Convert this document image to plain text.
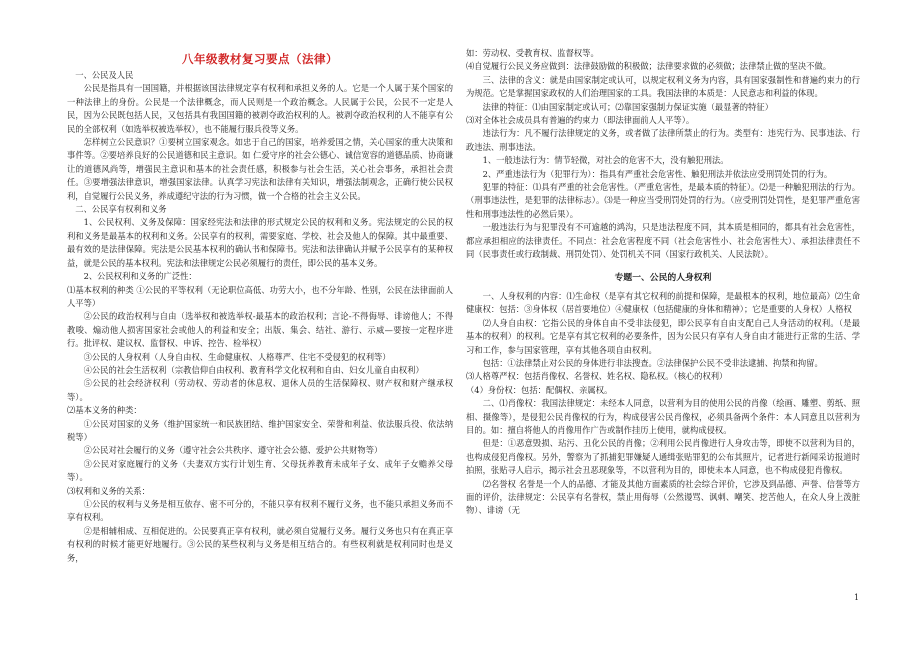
八年级教材复习要点（法律）

一、公民及人民

公民是指具有一国国籍，并根据该国法律规定享有权利和承担义务的人。它是一个人属于某个国家的一种法律上的身份。公民是一个法律概念，而人民则是一个政治概念。人民属于公民，公民不一定是人民，因为公民既包括人民，又包括具有我国国籍的被剥夺政治权利的人。被剥夺政治权利的人不能享有公民的全部权利（如选举权被选举权），也不能履行服兵役等义务。

怎样树立公民意识？①要树立国家观念。如忠于自己的国家，培养爱国之情，关心国家的重大决策和事件等。②要培养良好的公民道德和民主意识。如 仁爱守序的社会公德心、诚信宽容的道德品质、协商谦让的道德风尚等，增强民主意识和基本的社会责任感，积极参与社会生活，关心社会事务，承担社会责任。③要增强法律意识，增强国家法律。认真学习宪法和法律有关知识，增强法制观念，正确行使公民权利，自觉履行公民义务，养成遵纪守法的行为习惯，做一个合格的社会主义公民。

二、公民享有权利和义务

1、公民权利、义务及保障：国家经宪法和法律的形式规定公民的权利和义务。宪法规定的公民的权利和义务是最基本的权利和义务。公民享有的权利，需要家庭、学校、社会及他人的保障。其中最重要、最有效的是法律保障。宪法是公民基本权利的确认书和保障书。宪法和法律确认并赋予公民享有的某种权益，就是公民的基本权利。宪法和法律规定公民必须履行的责任，即公民的基本义务。

2、公民权利和义务的广泛性：

⑴基本权利的种类 ①公民的平等权利（无论职位高低、功劳大小，也不分年龄、性别，公民在法律面前人人平等）

②公民的政治权利与自由（选举权和被选举权-最基本的政治权利；言论-不得侮辱、诽谤他人；不得教唆、煽动他人损害国家社会或他人的利益和安全；出版、集会、结社、游行、示威—要按一定程序进行。批评权、建议权、监督权、申诉、控告、检举权）

③公民的人身权利（人身自由权、生命健康权、人格尊严、住宅不受侵犯的权利等）

④公民的社会生活权利（宗教信仰自由权利、教育科学文化权利和自由、妇女儿童自由权利）

⑤公民的社会经济权利（劳动权、劳动者的休息权、退休人员的生活保障权、财产权和财产继承权等）。

⑵基本义务的种类：

①公民对国家的义务（维护国家统一和民族团结、维护国家安全、荣誉和利益、依法服兵役、依法纳税等）

②公民对社会履行的义务（遵守社会公共秩序、遵守社会公德、爱护公共财物等）

③公民对家庭履行的义务（夫妻双方实行计划生育、父母抚养教育未成年子女、成年子女赡养父母等）。

⑶权利和义务的关系：

①公民的权利与义务是相互依存、密不可分的，不能只享有权利不履行义务，也不能只承担义务而不享有权利。

②是相辅相成、互相促进的。公民要真正享有权利，就必须自觉履行义务。履行义务也只有在真正享有权利的时候才能更好地履行。③公民的某些权利与义务是相互结合的。有些权利就是权利同时也是义务，

如：劳动权、受教育权、监督权等。

⑷自觉履行公民义务应做到：法律鼓励做的积极做；法律要求做的必须做；法律禁止做的坚决不做。

三、法律的含义：就是由国家制定或认可，以规定权利义务为内容，具有国家强制性和普遍约束力的行为规范。它是掌握国家政权的人们治理国家的工具。我国法律的本质是：人民意志和利益的体现。

法律的特征：⑴由国家制定或认可；⑵靠国家强制力保证实施（最显著的特征）

⑶对全体社会成员具有普遍的约束力（即法律面前人人平等）。

违法行为：凡不履行法律规定的义务，或者做了法律所禁止的行为。类型有：违宪行为、民事违法、行政违法、刑事违法。

1、一般违法行为：情节轻微，对社会的危害不大，没有触犯刑法。

2、严重违法行为（犯罪行为）：指具有严重社会危害性、触犯刑法并依法应受刑罚处罚的行为。

犯罪的特征：⑴具有严重的社会危害性。（严重危害性，是最本质的特征）。⑵是一种触犯刑法的行为。（刑事违法性，是犯罪的法律标志）。⑶是一种应当受刑罚处罚的行为。（应受刑罚处罚性，是犯罪严重危害性和刑事违法性的必然后果）。

一般违法行为与犯罪没有不可逾越的鸿沟，只是违法程度不同，其本质是相同的，都具有社会危害性，都应承担相应的法律责任。不同点：社会危害程度不同（社会危害性小、社会危害性大）、承担法律责任不同（民事责任或行政制裁、刑罚处罚）、处罚机关不同（国家行政机关、人民法院）。

专题一、公民的人身权利

一、人身权利的内容：⑴生命权（是享有其它权利的前提和保障，是最根本的权利，地位最高）⑵生命健康权：包括：③身体权（居首要地位）④健康权（包括健康的身体和精神）；它是重要的人身权）人格权

⑵人身自由权：它指公民的身体自由不受非法侵犯，即公民享有自由支配自己人身活动的权利。（是最基本的权利）的权利。它是享有其它权利的必要条件，因为公民只有享有人身自由才能进行正常的生活、学习和工作，参与国家管理，享有其他各项自由权利。

包括：①法律禁止对公民的身体进行非法搜查。②法律保护公民不受非法逮捕、拘禁和拘留。

⑶人格尊严权：包括肖像权、名誉权、姓名权、隐私权。（核心的权利）

（4）身份权：包括：配偶权、亲属权。

二、⑴肖像权：我国法律规定：未经本人同意，以营利为目的使用公民的肖像（绘画、雕塑、剪纸、照相、摄像等），是侵犯公民肖像权的行为，构成侵害公民肖像权，必须具备两个条件：本人同意且以营利为目的。如：擅自将他人的肖像用作广告或制作挂历上使用，就构成侵权。

但是：①恶意毁损、玷污、丑化公民的肖像；②利用公民肖像进行人身攻击等，即使不以营利为目的，也构成侵犯肖像权。另外，警察为了抓捕犯罪嫌疑人通缉张贴罪犯的公布其照片，记者进行新闻采访报道时拍照，张贴寻人启示，揭示社会丑恶现象等，不以营利为目的，即使未本人同意，也不构成侵犯肖像权。

⑵名誉权 名誉是一个人的品德、才能及其他方面素质的社会综合评价，它涉及到品德、声誉、信誉等方面的评价，法律规定：公民享有名誉权，禁止用侮辱（公然谩骂、讽刺、嘲笑、挖苦他人，在众人身上泼脏物）、诽谤（无

1
